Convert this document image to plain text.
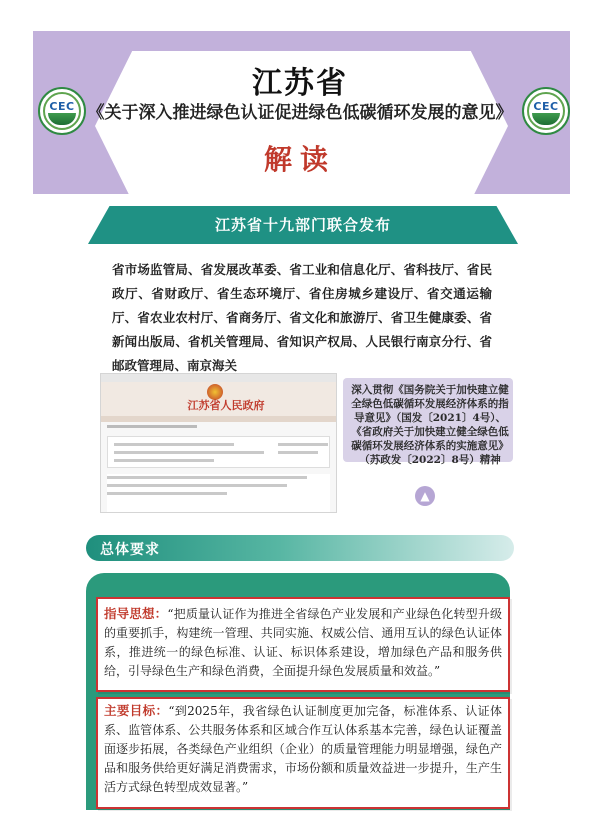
CEC	CEC
江苏省
《关于深入推进绿色认证促进绿色低碳循环发展的意见》
解读
江苏省十九部门联合发布
省市场监管局、省发展改革委、省工业和信息化厅、省科技厅、省民政厅、省财政厅、省生态环境厅、省住房城乡建设厅、省交通运输厅、省农业农村厅、省商务厅、省文化和旅游厅、省卫生健康委、省新闻出版局、省机关管理局、省知识产权局、人民银行南京分行、省邮政管理局、南京海关
江苏省人民政府
深入贯彻《国务院关于加快建立健全绿色低碳循环发展经济体系的指导意见》（国发〔2021〕4号）、《省政府关于加快建立健全绿色低碳循环发展经济体系的实施意见》（苏政发〔2022〕8号）精神
▲
总体要求
指导思想：“把质量认证作为推进全省绿色产业发展和产业绿色化转型升级的重要抓手，构建统一管理、共同实施、权威公信、通用互认的绿色认证体系，推进统一的绿色标准、认证、标识体系建设，增加绿色产品和服务供给，引导绿色生产和绿色消费，全面提升绿色发展质量和效益。”
主要目标：“到2025年，我省绿色认证制度更加完备，标准体系、认证体系、监管体系、公共服务体系和区域合作互认体系基本完善，绿色认证覆盖面逐步拓展，各类绿色产业组织（企业）的质量管理能力明显增强，绿色产品和服务供给更好满足消费需求，市场份额和质量效益进一步提升，生产生活方式绿色转型成效显著。”
